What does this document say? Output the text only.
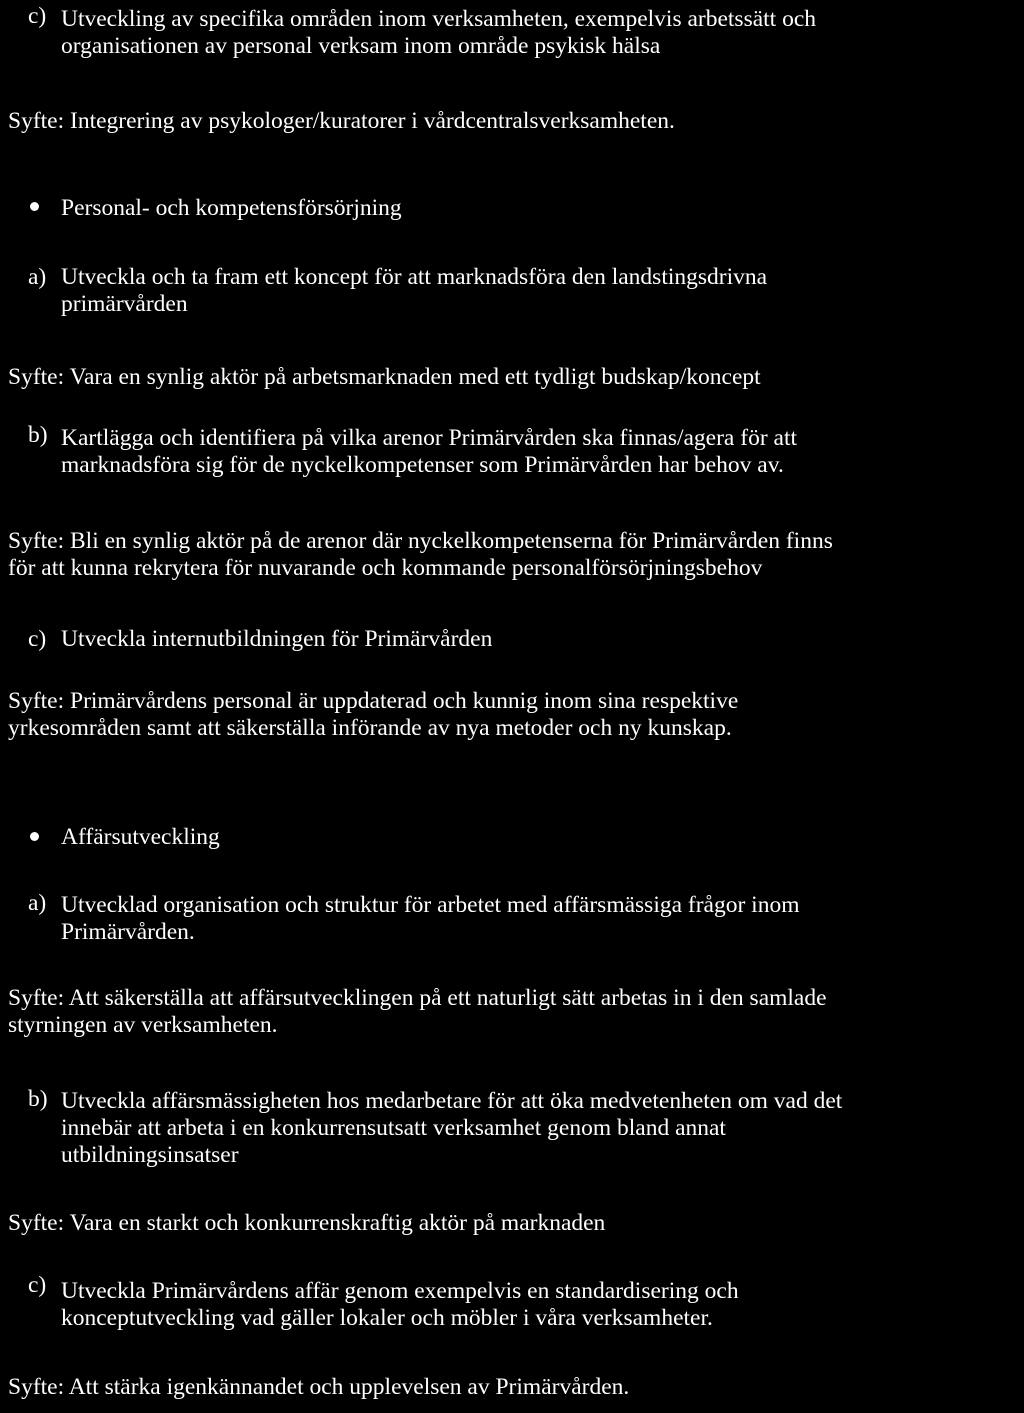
c) Utveckling av specifika områden inom verksamheten, exempelvis arbetssätt och
organisationen av personal verksam inom område psykisk hälsa
Syfte: Integrering av psykologer/kuratorer i vårdcentralsverksamheten.
Personal- och kompetensförsörjning
a) Utveckla och ta fram ett koncept för att marknadsföra den landstingsdrivna
primärvården
Syfte: Vara en synlig aktör på arbetsmarknaden med ett tydligt budskap/koncept
b) Kartlägga och identifiera på vilka arenor Primärvården ska finnas/agera för att
marknadsföra sig för de nyckelkompetenser som Primärvården har behov av.
Syfte: Bli en synlig aktör på de arenor där nyckelkompetenserna för Primärvården finns
för att kunna rekrytera för nuvarande och kommande personalförsörjningsbehov
c) Utveckla internutbildningen för Primärvården
Syfte: Primärvårdens personal är uppdaterad och kunnig inom sina respektive
yrkesområden samt att säkerställa införande av nya metoder och ny kunskap.
Affärsutveckling
a) Utvecklad organisation och struktur för arbetet med affärsmässiga frågor inom
Primärvården.
Syfte: Att säkerställa att affärsutvecklingen på ett naturligt sätt arbetas in i den samlade
styrningen av verksamheten.
b) Utveckla affärsmässigheten hos medarbetare för att öka medvetenheten om vad det
innebär att arbeta i en konkurrensutsatt verksamhet genom bland annat
utbildningsinsatser
Syfte: Vara en starkt och konkurrenskraftig aktör på marknaden
c) Utveckla Primärvårdens affär genom exempelvis en standardisering och
konceptutveckling vad gäller lokaler och möbler i våra verksamheter.
Syfte: Att stärka igenkännandet och upplevelsen av Primärvården.
